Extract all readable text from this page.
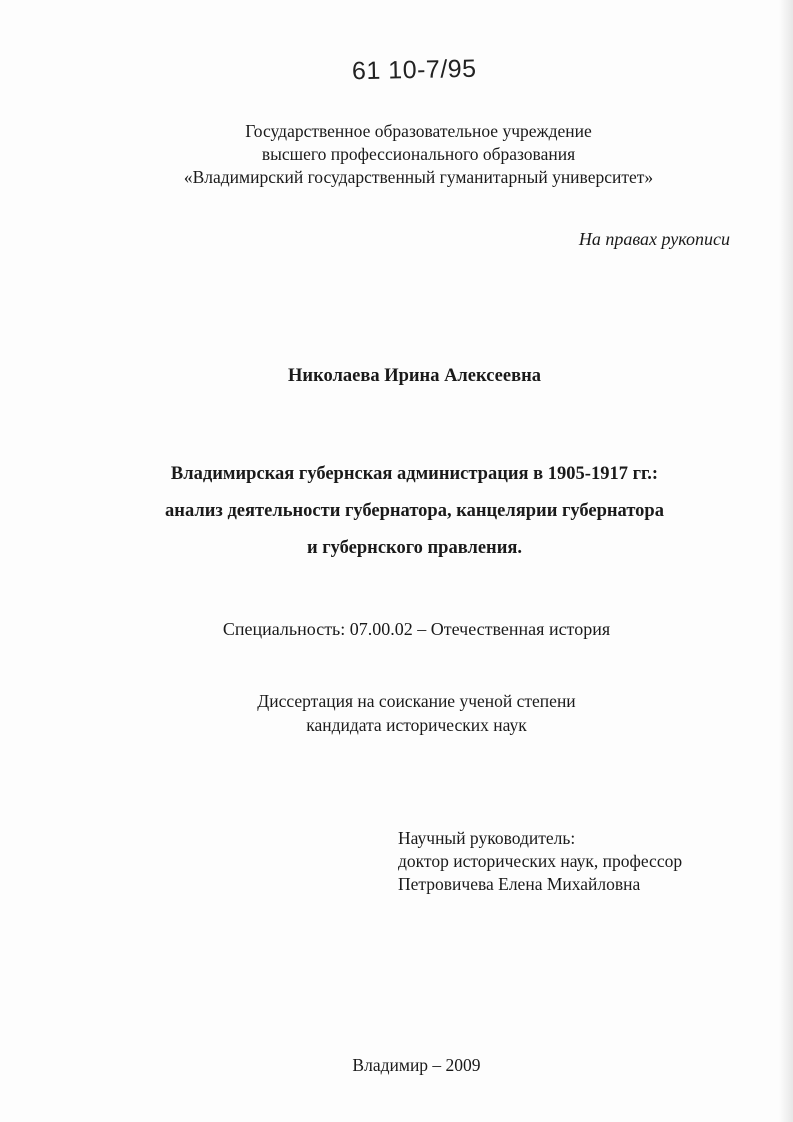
61 10-7/95
Государственное образовательное учреждение
высшего профессионального образования
«Владимирский государственный гуманитарный университет»
На правах рукописи
Николаева Ирина Алексеевна
Владимирская губернская администрация в 1905-1917 гг.:
анализ деятельности губернатора, канцелярии губернатора
и губернского правления.
Специальность: 07.00.02 – Отечественная история
Диссертация на соискание ученой степени
кандидата исторических наук
Научный руководитель:
доктор исторических наук, профессор
Петровичева Елена Михайловна
Владимир – 2009
